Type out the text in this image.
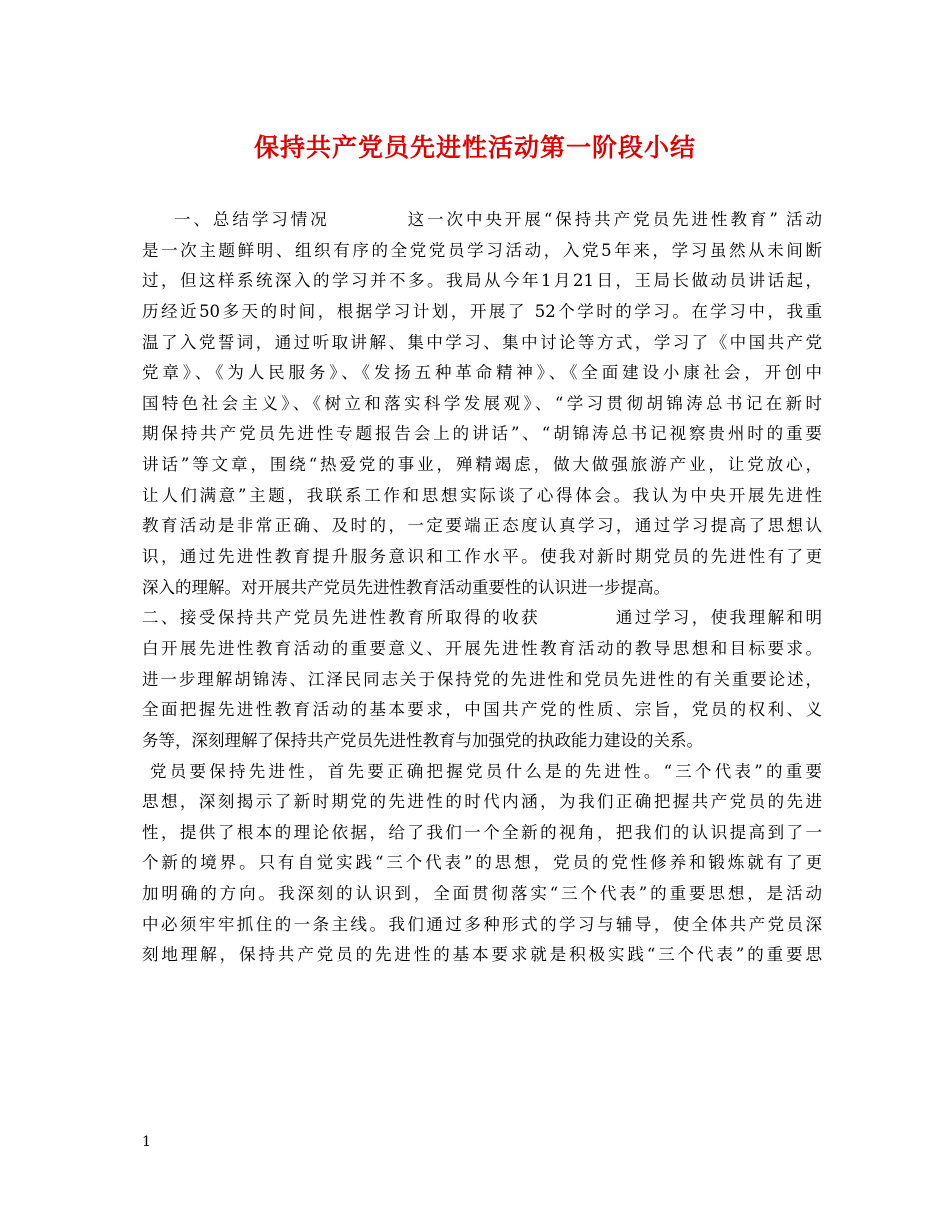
保持共产党员先进性活动第一阶段小结
一、总结学习情况　　　　这一次中央开展“保持共产党员先进性教育” 活动
是一次主题鲜明、组织有序的全党党员学习活动，入党5年来，学习虽然从未间断
过，但这样系统深入的学习并不多。我局从今年1月21日，王局长做动员讲话起，
历经近50多天的时间，根据学习计划，开展了 52个学时的学习。在学习中，我重
温了入党誓词，通过听取讲解、集中学习、集中讨论等方式，学习了《中国共产党
党章》、《为人民服务》、《发扬五种革命精神》、《全面建设小康社会，开创中
国特色社会主义》、《树立和落实科学发展观》、“学习贯彻胡锦涛总书记在新时
期保持共产党员先进性专题报告会上的讲话”、“胡锦涛总书记视察贵州时的重要
讲话”等文章，围绕“热爱党的事业，殚精竭虑，做大做强旅游产业，让党放心，
让人们满意”主题，我联系工作和思想实际谈了心得体会。我认为中央开展先进性
教育活动是非常正确、及时的，一定要端正态度认真学习，通过学习提高了思想认
识，通过先进性教育提升服务意识和工作水平。使我对新时期党员的先进性有了更
深入的理解。对开展共产党员先进性教育活动重要性的认识进一步提高。
二、接受保持共产党员先进性教育所取得的收获　　　　通过学习，使我理解和明
白开展先进性教育活动的重要意义、开展先进性教育活动的教导思想和目标要求。
进一步理解胡锦涛、江泽民同志关于保持党的先进性和党员先进性的有关重要论述，
全面把握先进性教育活动的基本要求，中国共产党的性质、宗旨，党员的权利、义
务等，深刻理解了保持共产党员先进性教育与加强党的执政能力建设的关系。
党员要保持先进性，首先要正确把握党员什么是的先进性。“三个代表”的重要
思想，深刻揭示了新时期党的先进性的时代内涵，为我们正确把握共产党员的先进
性，提供了根本的理论依据，给了我们一个全新的视角，把我们的认识提高到了一
个新的境界。只有自觉实践“三个代表”的思想，党员的党性修养和锻炼就有了更
加明确的方向。我深刻的认识到，全面贯彻落实“三个代表”的重要思想，是活动
中必须牢牢抓住的一条主线。我们通过多种形式的学习与辅导，使全体共产党员深
刻地理解，保持共产党员的先进性的基本要求就是积极实践“三个代表”的重要思
1
